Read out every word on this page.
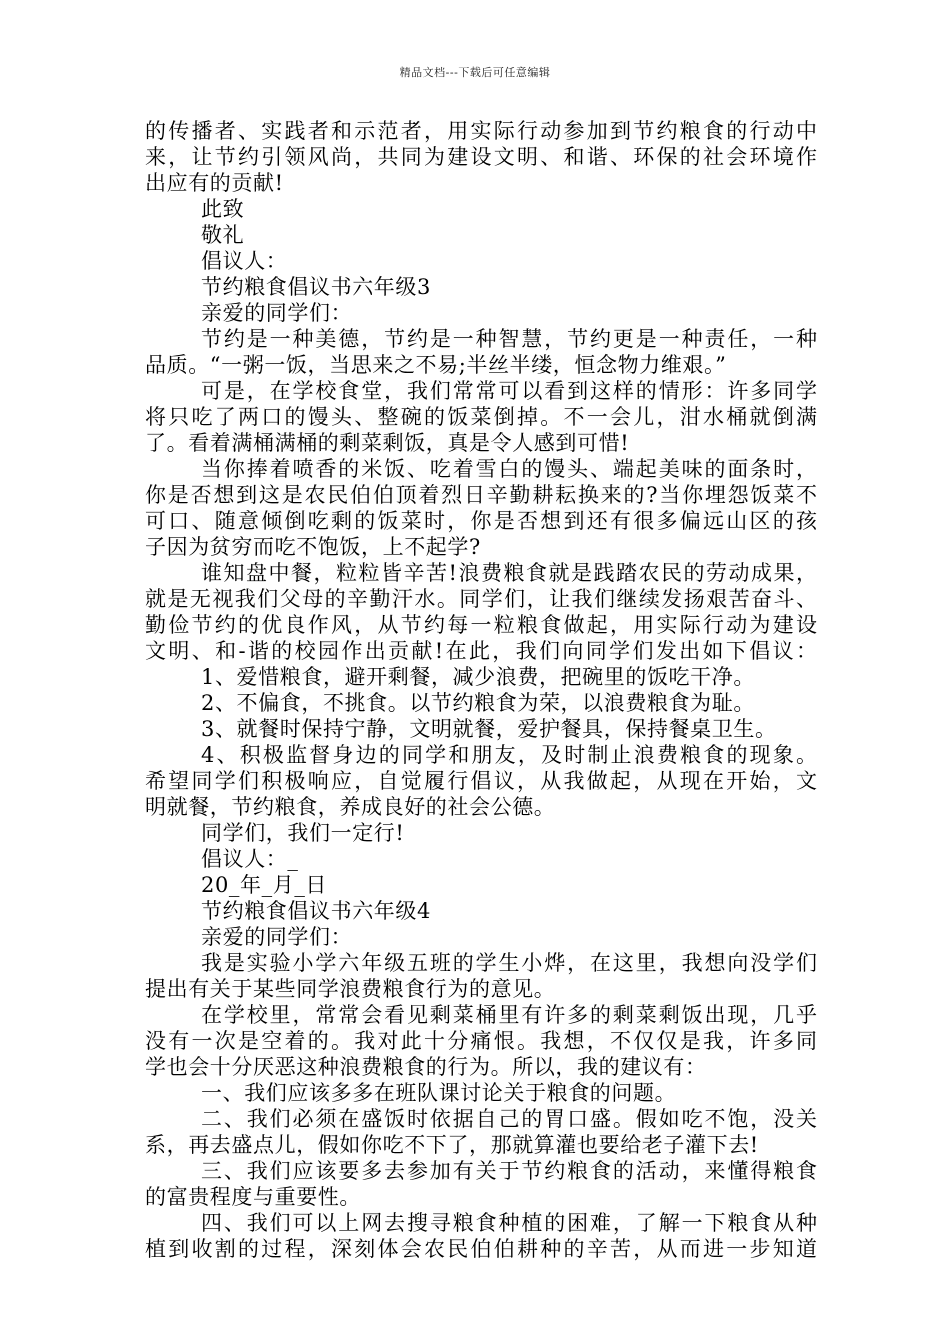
精品文档---下载后可任意编辑
的传播者、实践者和示范者，用实际行动参加到节约粮食的行动中
来，让节约引领风尚，共同为建设文明、和谐、环保的社会环境作
出应有的贡献!
此致
敬礼
倡议人：
节约粮食倡议书六年级3
亲爱的同学们：
节约是一种美德，节约是一种智慧，节约更是一种责任，一种
品质。“一粥一饭，当思来之不易;半丝半缕，恒念物力维艰。”
可是，在学校食堂，我们常常可以看到这样的情形：许多同学
将只吃了两口的馒头、整碗的饭菜倒掉。不一会儿，泔水桶就倒满
了。看着满桶满桶的剩菜剩饭，真是令人感到可惜!
当你捧着喷香的米饭、吃着雪白的馒头、端起美味的面条时，
你是否想到这是农民伯伯顶着烈日辛勤耕耘换来的?当你埋怨饭菜不
可口、随意倾倒吃剩的饭菜时，你是否想到还有很多偏远山区的孩
子因为贫穷而吃不饱饭，上不起学?
谁知盘中餐，粒粒皆辛苦!浪费粮食就是践踏农民的劳动成果，
就是无视我们父母的辛勤汗水。同学们，让我们继续发扬艰苦奋斗、
勤俭节约的优良作风，从节约每一粒粮食做起，用实际行动为建设
文明、和-谐的校园作出贡献!在此，我们向同学们发出如下倡议：
1、爱惜粮食，避开剩餐，减少浪费，把碗里的饭吃干净。
2、不偏食，不挑食。以节约粮食为荣，以浪费粮食为耻。
3、就餐时保持宁静，文明就餐，爱护餐具，保持餐桌卫生。
4、积极监督身边的同学和朋友，及时制止浪费粮食的现象。
希望同学们积极响应，自觉履行倡议，从我做起，从现在开始，文
明就餐，节约粮食，养成良好的社会公德。
同学们，我们一定行!
倡议人：_
20_年_月_日
节约粮食倡议书六年级4
亲爱的同学们：
我是实验小学六年级五班的学生小烨，在这里，我想向没学们
提出有关于某些同学浪费粮食行为的意见。
在学校里，常常会看见剩菜桶里有许多的剩菜剩饭出现，几乎
没有一次是空着的。我对此十分痛恨。我想，不仅仅是我，许多同
学也会十分厌恶这种浪费粮食的行为。所以，我的建议有：
一、我们应该多多在班队课讨论关于粮食的问题。
二、我们必须在盛饭时依据自己的胃口盛。假如吃不饱，没关
系，再去盛点儿，假如你吃不下了，那就算灌也要给老子灌下去!
三、我们应该要多去参加有关于节约粮食的活动，来懂得粮食
的富贵程度与重要性。
四、我们可以上网去搜寻粮食种植的困难，了解一下粮食从种
植到收割的过程，深刻体会农民伯伯耕种的辛苦，从而进一步知道
